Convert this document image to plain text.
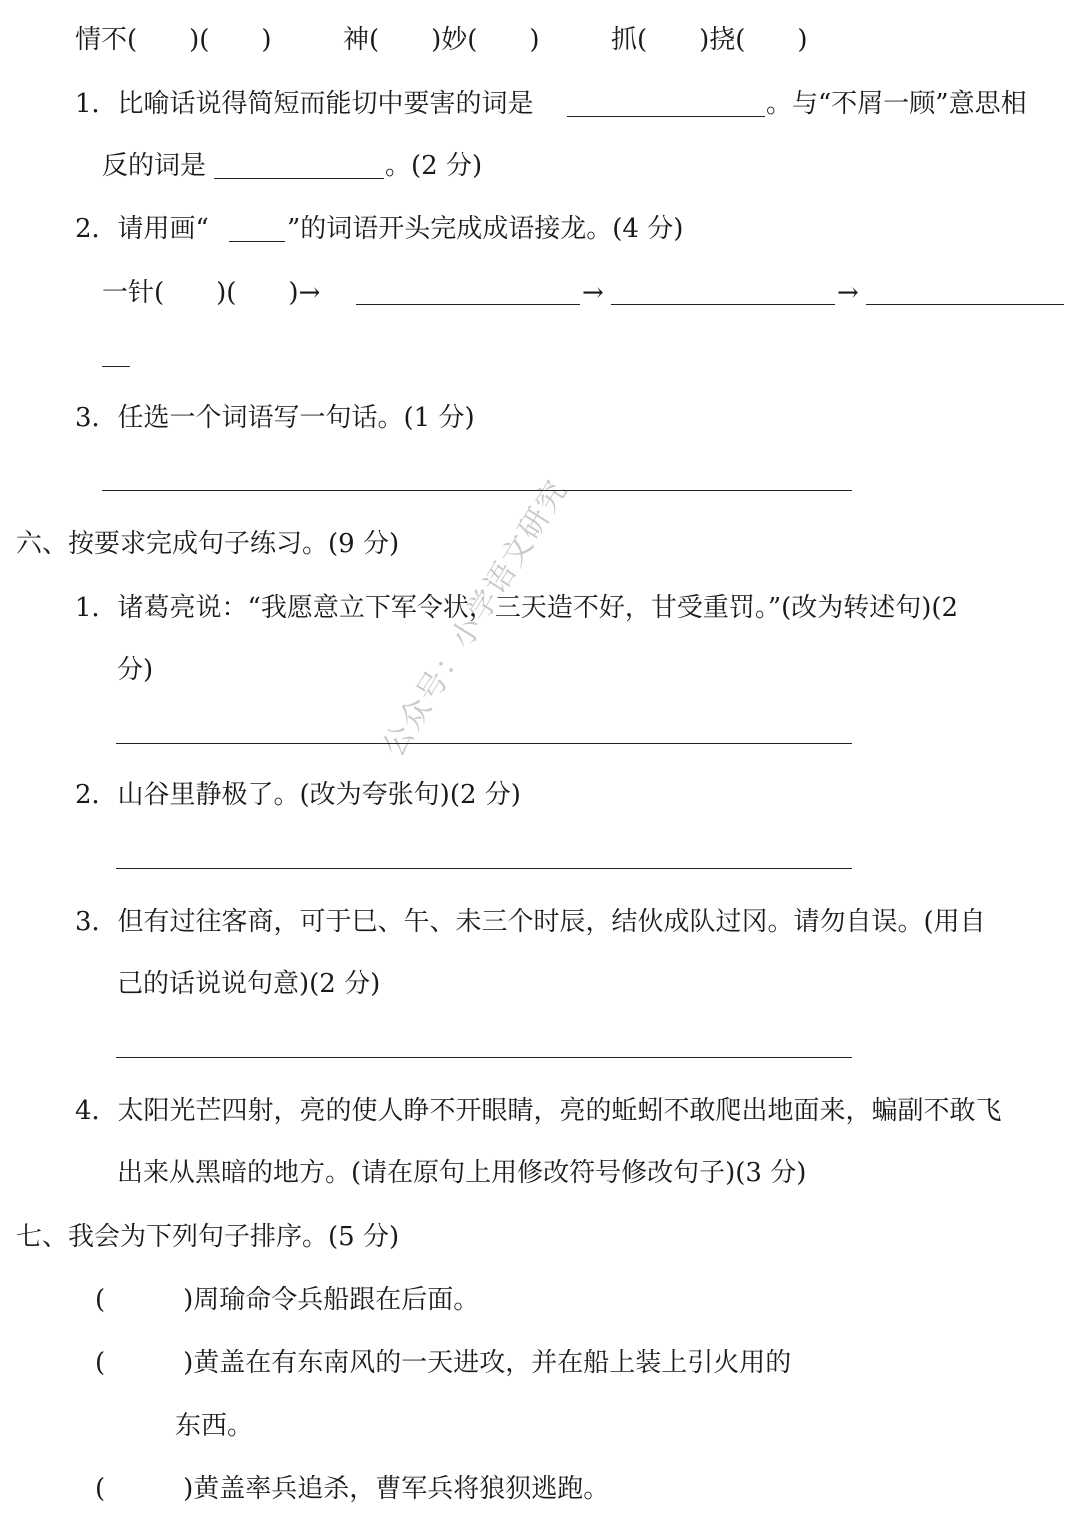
公众号：小学语文研究
情不(　　)(　　)	神(　　)妙(　　)	抓(　　)挠(　　)
1．比喻话说得简短而能切中要害的词是	。与“不屑一顾”意思相
反的词是	。(2 分)
2．请用画“	”的词语开头完成成语接龙。(4 分)
一针(　　)(　　)→	→	→
3．任选一个词语写一句话。(1 分)
六、按要求完成句子练习。(9 分)
1．诸葛亮说：“我愿意立下军令状，三天造不好，甘受重罚。”(改为转述句)(2
分)
2．山谷里静极了。(改为夸张句)(2 分)
3．但有过往客商，可于巳、午、未三个时辰，结伙成队过冈。请勿自误。(用自
己的话说说句意)(2 分)
4．太阳光芒四射，亮的使人睁不开眼睛，亮的蚯蚓不敢爬出地面来，蝙副不敢飞
出来从黑暗的地方。(请在原句上用修改符号修改句子)(3 分)
七、我会为下列句子排序。(5 分)
(　　　)周瑜命令兵船跟在后面。
(　　　)黄盖在有东南风的一天进攻，并在船上装上引火用的
东西。
(　　　)黄盖率兵追杀，曹军兵将狼狈逃跑。
